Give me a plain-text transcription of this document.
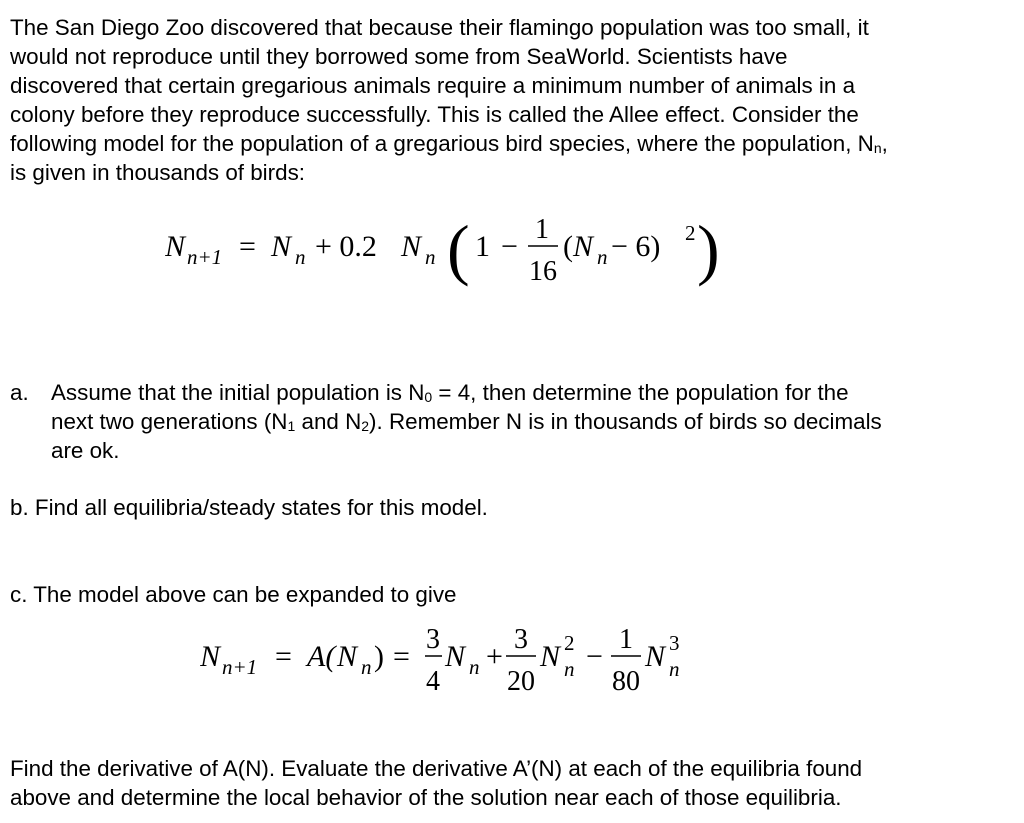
The San Diego Zoo discovered that because their flamingo population was too small, it
would not reproduce until they borrowed some from SeaWorld. Scientists have
discovered that certain gregarious animals require a minimum number of animals in a
colony before they reproduce successfully. This is called the Allee effect. Consider the
following model for the population of a gregarious bird species, where the population, $N_n$,
is given in thousands of birds:

N n+1 = N n + 0.2 N n ( 1 −
1
16
( N n − 6) 2 )
a. Assume that the initial population is $N_0 = 4$, then determine the population for the
next two generations ($N_1$ and $N_2$). Remember N is in thousands of birds so decimals
are ok.

b. Find all equilibria/steady states for this model.

c. The model above can be expanded to give

N n+1 = A( N n ) =
3
4
N n +
3
20
N 2
n −
1
80
N 3
n

Find the derivative of A(N). Evaluate the derivative A’(N) at each of the equilibria found
above and determine the local behavior of the solution near each of those equilibria.
